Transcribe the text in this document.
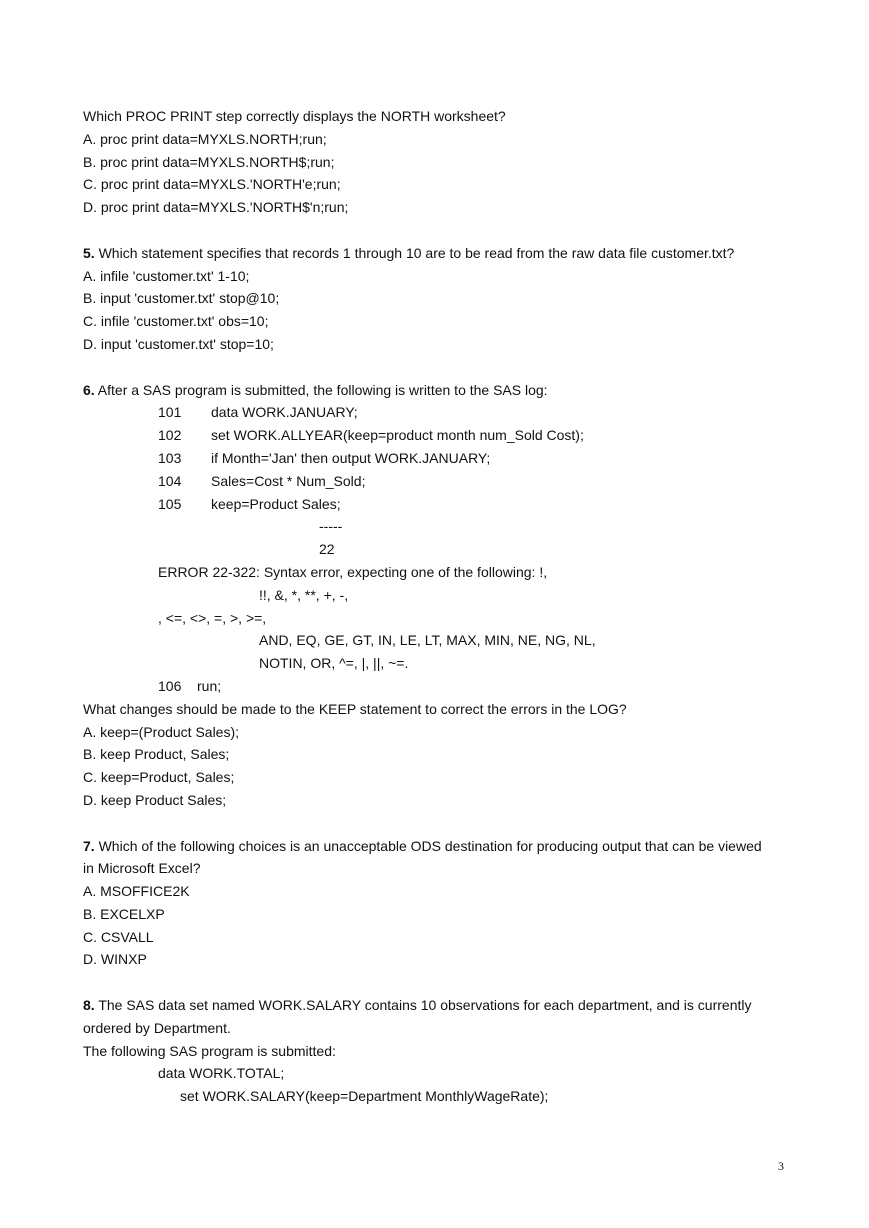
Which PROC PRINT step correctly displays the NORTH worksheet?
A. proc print data=MYXLS.NORTH;run;
B. proc print data=MYXLS.NORTH$;run;
C. proc print data=MYXLS.'NORTH'e;run;
D. proc print data=MYXLS.'NORTH$'n;run;
5. Which statement specifies that records 1 through 10 are to be read from the raw data file customer.txt?
A. infile 'customer.txt' 1-10;
B. input 'customer.txt' stop@10;
C. infile 'customer.txt' obs=10;
D. input 'customer.txt' stop=10;
6. After a SAS program is submitted, the following is written to the SAS log:
101 data WORK.JANUARY;
102 set WORK.ALLYEAR(keep=product month num_Sold Cost);
103 if Month='Jan' then output WORK.JANUARY;
104 Sales=Cost * Num_Sold;
105 keep=Product Sales;
-----
22
ERROR 22-322: Syntax error, expecting one of the following: !,
!!, &, *, **, +, -,
, <=, <>, =, >, >=,
AND, EQ, GE, GT, IN, LE, LT, MAX, MIN, NE, NG, NL,
NOTIN, OR, ^=, |, ||, ~=.
106 run;
What changes should be made to the KEEP statement to correct the errors in the LOG?
A. keep=(Product Sales);
B. keep Product, Sales;
C. keep=Product, Sales;
D. keep Product Sales;
7. Which of the following choices is an unacceptable ODS destination for producing output that can be viewed
in Microsoft Excel?
A. MSOFFICE2K
B. EXCELXP
C. CSVALL
D. WINXP
8. The SAS data set named WORK.SALARY contains 10 observations for each department, and is currently
ordered by Department.
The following SAS program is submitted:
data WORK.TOTAL;
set WORK.SALARY(keep=Department MonthlyWageRate);
3
